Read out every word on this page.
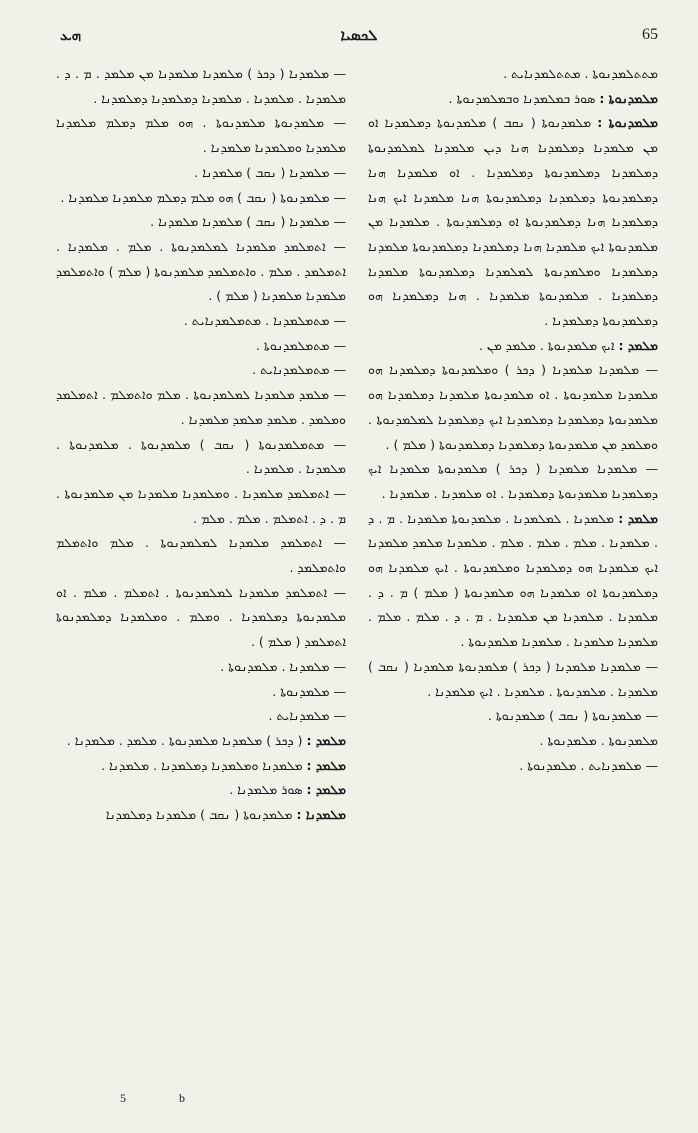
ܗܥ	ܠܟܣܝܐ	65

ܡܬܬܠܡܕܢܘܬܐ . ܡܬܬܠܡܕܢܐܝܬ .

ܡܠܡܕܢܘܬܐ : ܣܘܪ ܒܡܠܡܕܢܐ ܘܒܡܠܡܕܢܘܬܐ .

ܡܠܡܕܢܘܬܐ : ܡܠܡܕܢܘܬܐ ( ܢܩܒ ) ܡܠܡܕܢܘܬܐ ܕܡܠܡܕܢܐ ܐܘ ܡܢ ܡܠܡܕܢܐ ܕܡܠܡܕܢܐ ܗܢܐ ܕܝܢ ܡܠܡܕܢܐ ܠܡܠܡܕܢܘܬܐ ܕܡܠܡܕܢܐ ܕܡܠܡܕܢܘܬܐ ܕܡܠܡܕܢܐ . ܐܘ ܡܠܡܕܢܐ ܗܢܐ ܕܡܠܡܕܢܘܬܐ ܕܡܠܡܕܢܐ ܕܡܠܡܕܢܘܬܐ ܗܢܐ ܡܠܡܕܢܐ ܐܝܟ ܗܢܐ ܕܡܠܡܕܢܐ ܗܢܐ ܕܡܠܡܕܢܘܬܐ ܐܘ ܕܡܠܡܕܢܘܬܐ . ܡܠܡܕܢܐ ܡܢ ܡܠܡܕܢܘܬܐ ܐܝܟ ܡܠܡܕܢܐ ܗܢܐ ܕܡܠܡܕܢܐ ܕܡܠܡܕܢܘܬܐ ܡܠܡܕܢܐ ܕܡܠܡܕܢܐ ܘܡܠܡܕܢܘܬܐ ܠܡܠܡܕܢܐ ܕܡܠܡܕܢܘܬܐ ܡܠܡܕܢܐ ܕܡܠܡܕܢܐ . ܡܠܡܕܢܘܬܐ ܡܠܡܕܢܐ . ܗܢܐ ܕܡܠܡܕܢܐ ܗܘ ܕܡܠܡܕܢܘܬܐ ܕܡܠܡܕܢܐ .

ܡܠܡܕ : ܐܝܟ ܡܠܡܕܢܘܬܐ . ܡܠܡܕ ܡܢ .

— ܡܠܡܕܢܐ ܡܠܡܕܢܐ ( ܕܟܪ ) ܘܡܠܡܕܢܘܬܐ ܕܡܠܡܕܢܐ ܗܘ ܡܠܡܕܢܐ ܡܠܡܕܢܘܬܐ . ܐܘ ܡܠܡܕܢܘܬܐ ܡܠܡܕܢܐ ܕܡܠܡܕܢܐ ܗܘ ܡܠܡܕܢܘܬܐ ܕܡܠܡܕܢܐ ܕܡܠܡܕܢܐ ܐܝܟ ܕܡܠܡܕܢܐ ܠܡܠܡܕܢܘܬܐ . ܘܡܠܡܕ ܡܢ ܡܠܡܕܢܘܬܐ ܕܡܠܡܕܢܐ ܕܡܠܡܕܢܘܬܐ ( ܡܠܡ ) .

— ܡܠܡܕܢܐ ܡܠܡܕܢܐ ( ܕܟܪ ) ܡܠܡܕܢܘܬܐ ܡܠܡܕܢܐ ܐܝܟ ܕܡܠܡܕܢܐ ܡܠܡܕܢܘܬܐ ܕܡܠܡܕܢܐ . ܐܘ ܡܠܡܕܢܐ . ܡܠܡܕܢܐ .

ܡܠܡܕ : ܡܠܡܕܢܐ . ܠܡܠܡܕܢܐ . ܡܠܡܕܢܘܬܐ ܡܠܡܕܢܐ . ܡ . ܕ . ܡܠܡܕܢܐ . ܡܠܡ . ܡܠܡ . ܡܠܡ . ܡܠܡܕܢܐ ܡܠܡܕ ܡܠܡܕܢܐ ܐܝܟ ܡܠܡܕܢܐ ܗܘ ܕܡܠܡܕܢܐ ܘܡܠܡܕܢܘܬܐ . ܐܝܟ ܡܠܡܕܢܐ ܗܘ ܕܡܠܡܕܢܘܬܐ ܐܘ ܡܠܡܕܢܐ ܗܘ ܡܠܡܕܢܘܬܐ ( ܡܠܡ ) ܡ . ܕ . ܡܠܡܕܢܐ . ܡܠܡܕܢܐ ܡܢ ܡܠܡܕܢܐ . ܡ . ܕ . ܡܠܡ . ܡܠܡ . ܡܠܡܕܢܐ ܡܠܡܕܢܐ . ܡܠܡܕܢܐ ܡܠܡܕܢܘܬܐ .

— ܡܠܡܕܢܐ ܡܠܡܕܢܐ ( ܕܟܪ ) ܡܠܡܕܢܘܬܐ ܡܠܡܕܢܐ ( ܢܩܒ ) ܡܠܡܕܢܐ . ܡܠܡܕܢܘܬܐ . ܡܠܡܕܢܐ . ܐܝܟ ܡܠܡܕܢܐ .

— ܡܠܡܕܢܘܬܐ ( ܢܩܒ ) ܡܠܡܕܢܘܬܐ .

ܡܠܡܕܢܘܬܐ . ܡܠܡܕܢܘܬܐ .

— ܡܠܡܕܢܐܝܬ . ܡܠܡܕܢܘܬܐ .

— ܡܠܡܕܢܐ ( ܕܟܪ ) ܡܠܡܕܢܐ ܡܠܡܕܢܐ ܡܢ ܡܠܡܕ . ܡ . ܕ . ܡܠܡܕܢܐ . ܡܠܡܕܢܐ . ܡܠܡܕܢܐ ܕܡܠܡܕܢܐ ܕܡܠܡܕܢܐ .

— ܡܠܡܕܢܘܬܐ ܡܠܡܕܢܘܬܐ . ܗܘ ܡܠܡ ܕܡܠܡ ܡܠܡܕܢܐ ܡܠܡܕܢܐ ܘܡܠܡܕܢܐ ܡܠܡܕܢܐ .

— ܡܠܡܕܢܐ ( ܢܩܒ ) ܡܠܡܕܢܐ .

— ܡܠܡܕܢܘܬܐ ( ܢܩܒ ) ܗܘ ܡܠܡ ܕܡܠܡ ܡܠܡܕܢܐ ܡܠܡܕܢܐ .

— ܡܠܡܕܢܐ ( ܢܩܒ ) ܡܠܡܕܢܐ ܡܠܡܕܢܐ .

— ܐܬܡܠܡܕ ܡܠܡܕܢܐ ܠܡܠܡܕܢܘܬܐ . ܡܠܡ . ܡܠܡܕܢܐ . ܐܬܡܠܡܕ . ܡܠܡ . ܘܐܬܡܠܡܕ ܡܠܡܕܢܘܬܐ ( ܡܠܡ ) ܘܐܬܡܠܡܕ ܡܠܡܕܢܐ ܡܠܡܕܢܐ ( ܡܠܡ ) .

— ܡܬܡܠܡܕܢܐ . ܡܬܡܠܡܕܢܐܝܬ .

— ܡܬܡܠܡܕܢܘܬܐ .

— ܡܬܡܠܡܕܢܐܝܬ .

— ܡܠܡܕ ܡܠܡܕܢܐ ܠܡܠܡܕܢܘܬܐ . ܡܠܡ ܘܐܬܡܠܡ . ܐܬܡܠܡܕ ܘܡܠܡܕ . ܡܠܡܕ ܡܠܡܕ ܡܠܡܕܢܐ .

— ܡܬܡܠܡܕܢܘܬܐ ( ܢܩܒ ) ܡܠܡܕܢܘܬܐ . ܡܠܡܕܢܘܬܐ . ܡܠܡܕܢܐ . ܡܠܡܕܢܐ .

— ܐܬܡܠܡܕ ܡܠܡܕܢܐ . ܘܡܠܡܕܢܐ ܡܠܡܕܢܐ ܡܢ ܡܠܡܕܢܘܬܐ . ܡ . ܕ . ܐܬܡܠܡ . ܡܠܡ . ܡܠܡ .

— ܐܬܡܠܡܕ ܡܠܡܕܢܐ ܠܡܠܡܕܢܘܬܐ . ܡܠܡ ܘܐܬܡܠܡ ܘܐܬܡܠܡܕ .

— ܐܬܡܠܡܕ ܡܠܡܕܢܐ ܠܡܠܡܕܢܘܬܐ . ܐܬܡܠܡ . ܡܠܡ . ܐܘ ܡܠܡܕܢܘܬܐ ܕܡܠܡܕܢܐ . ܘܡܠܡ . ܘܡܠܡܕܢܐ ܕܡܠܡܕܢܘܬܐ ܐܬܡܠܡܕ ( ܡܠܡ ) .

— ܡܠܡܕܢܐ . ܡܠܡܕܢܘܬܐ .

— ܡܠܡܕܢܘܬܐ .

— ܡܠܡܕܢܐܝܬ .

ܡܠܡܕ : ( ܕܟܪ ) ܡܠܡܕܢܐ ܡܠܡܕܢܘܬܐ . ܡܠܡܕ . ܡܠܡܕܢܐ .

ܡܠܡܕ : ܡܠܡܕܢܐ ܘܡܠܡܕܢܐ ܕܡܠܡܕܢܐ . ܡܠܡܕܢܐ .

ܡܠܡܕ : ܣܘܪ ܡܠܡܕܢܐ .

ܡܠܡܕܢܐ : ܡܠܡܕܢܘܬܐ ( ܢܩܒ ) ܡܠܡܕܢܐ ܕܡܠܡܕܢܐ

5	b
